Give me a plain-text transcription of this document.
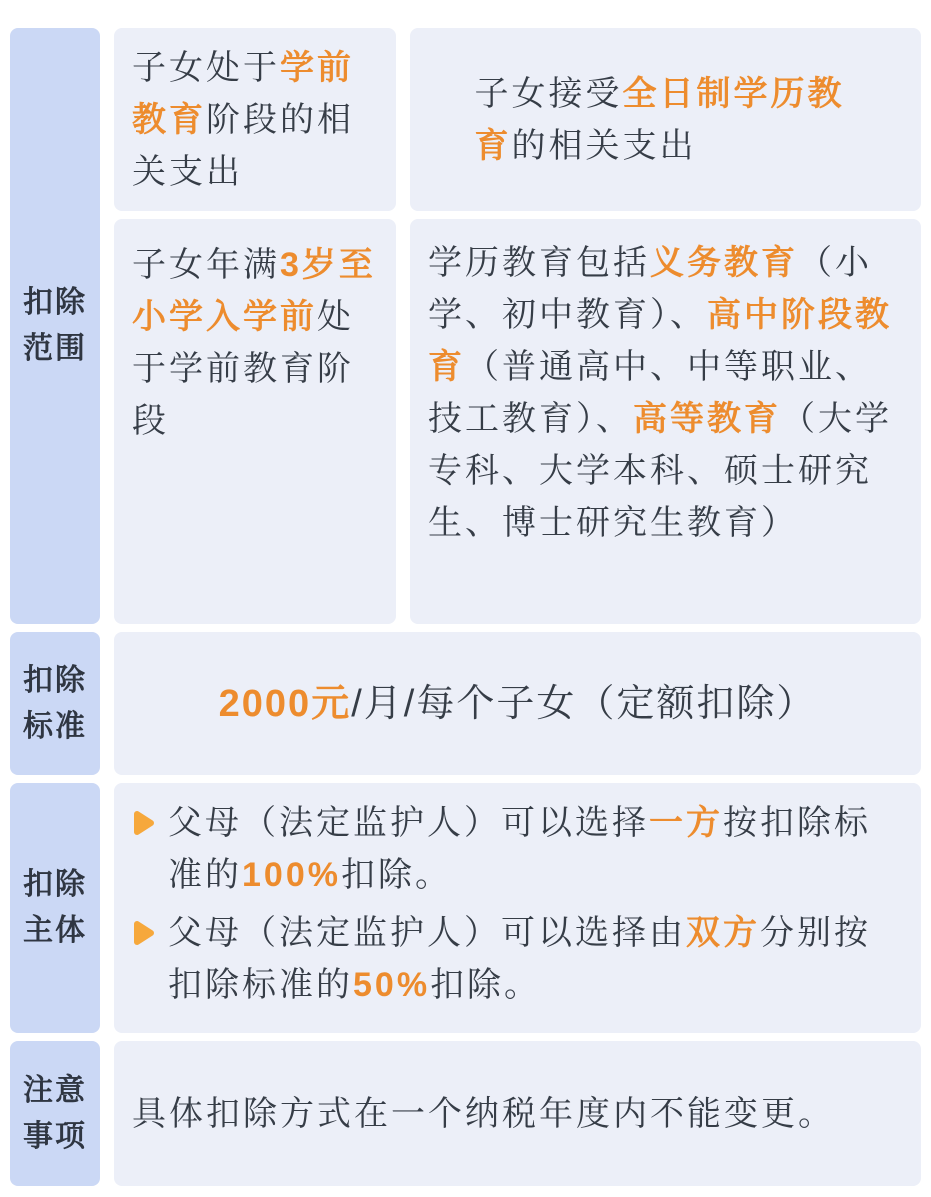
扣除范围
子女处于学前教育阶段的相关支出
子女接受全日制学历教育的相关支出
子女年满3岁至小学入学前处于学前教育阶段
学历教育包括义务教育（小学、初中教育）、高中阶段教育（普通高中、中等职业、技工教育）、高等教育（大学专科、大学本科、硕士研究生、博士研究生教育）
扣除标准
2000元/月/每个子女（定额扣除）
扣除主体
父母（法定监护人）可以选择一方按扣除标准的100%扣除。
父母（法定监护人）可以选择由双方分别按扣除标准的50%扣除。
注意事项
具体扣除方式在一个纳税年度内不能变更。
